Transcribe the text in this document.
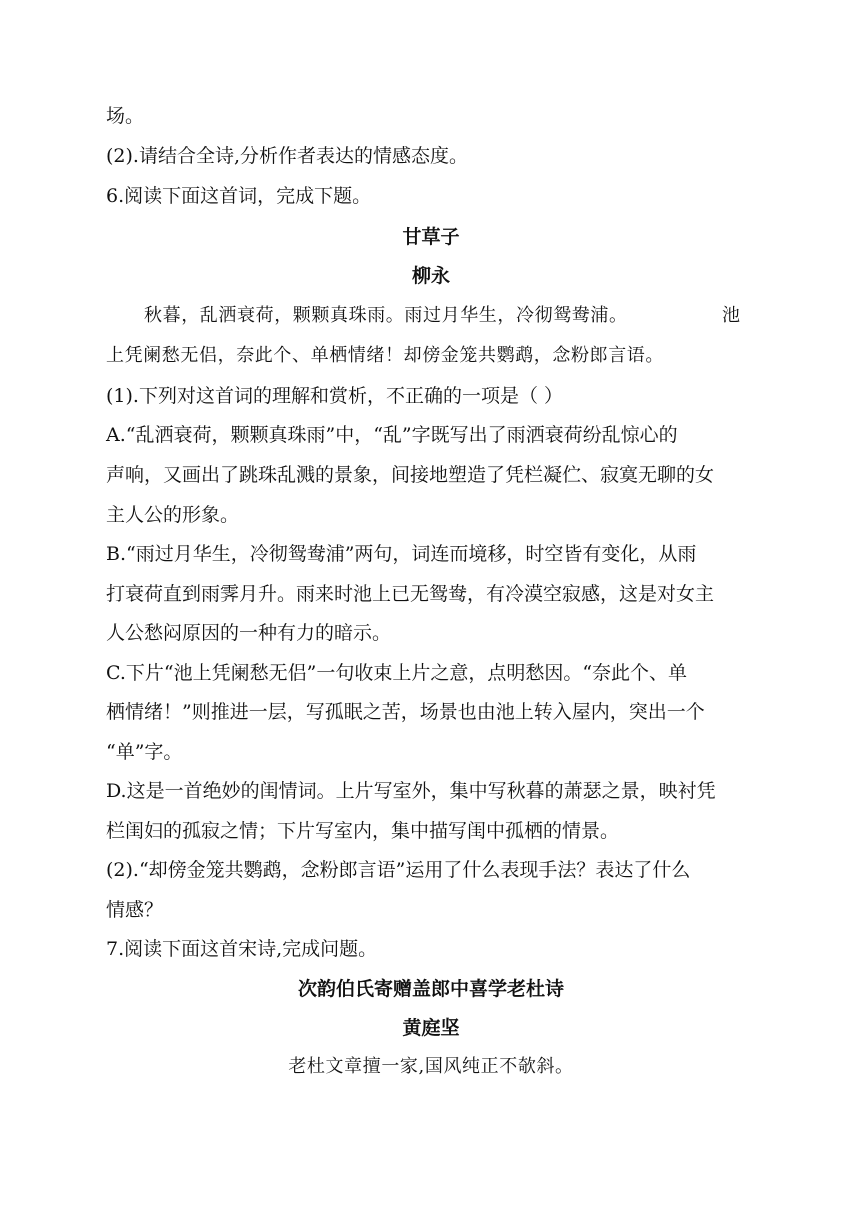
场。
(2).请结合全诗,分析作者表达的情感态度。
6.阅读下面这首词，完成下题。
甘草子
柳永
秋暮，乱洒衰荷，颗颗真珠雨。雨过月华生，冷彻鸳鸯浦。	池
上凭阑愁无侣，奈此个、单栖情绪！却傍金笼共鹦鹉，念粉郎言语。
(1).下列对这首词的理解和赏析，不正确的一项是（ ）
A.“乱洒衰荷，颗颗真珠雨”中，“乱”字既写出了雨洒衰荷纷乱惊心的
声响，又画出了跳珠乱溅的景象，间接地塑造了凭栏凝伫、寂寞无聊的女
主人公的形象。
B.“雨过月华生，冷彻鸳鸯浦”两句，词连而境移，时空皆有变化，从雨
打衰荷直到雨霁月升。雨来时池上已无鸳鸯，有冷漠空寂感，这是对女主
人公愁闷原因的一种有力的暗示。
C.下片“池上凭阑愁无侣”一句收束上片之意，点明愁因。“奈此个、单
栖情绪！”则推进一层，写孤眠之苦，场景也由池上转入屋内，突出一个
“单”字。
D.这是一首绝妙的闺情词。上片写室外，集中写秋暮的萧瑟之景，映衬凭
栏闺妇的孤寂之情；下片写室内，集中描写闺中孤栖的情景。
(2).“却傍金笼共鹦鹉，念粉郎言语”运用了什么表现手法？表达了什么
情感？
7.阅读下面这首宋诗,完成问题。
次韵伯氏寄赠盖郎中喜学老杜诗
黄庭坚
老杜文章擅一家,国风纯正不欹斜。
